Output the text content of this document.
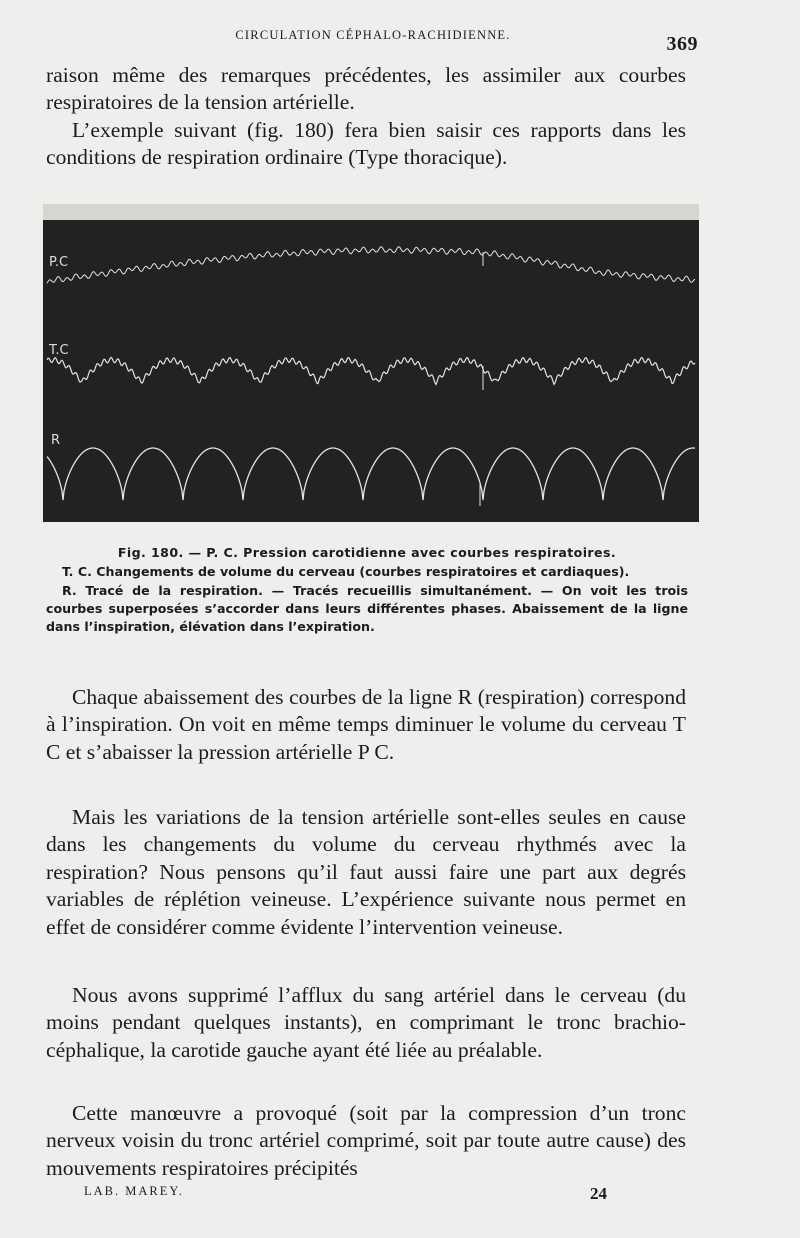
CIRCULATION CÉPHALO-RACHIDIENNE.	369

raison même des remarques précédentes, les assimiler aux courbes respiratoires de la tension artérielle.

L’exemple suivant (fig. 180) fera bien saisir ces rapports dans les conditions de respiration ordinaire (Type thoracique).

P.C
T.C
R

Fig. 180. — P. C. Pression carotidienne avec courbes respiratoires.

T. C. Changements de volume du cerveau (courbes respiratoires et cardiaques).

R. Tracé de la respiration. — Tracés recueillis simultanément. — On voit les trois courbes superposées s’accorder dans leurs différentes phases. Abaissement de la ligne dans l’inspiration, élévation dans l’expiration.

Chaque abaissement des courbes de la ligne R (respiration) correspond à l’inspiration. On voit en même temps diminuer le volume du cerveau T C et s’abaisser la pression artérielle P C.

Mais les variations de la tension artérielle sont-elles seules en cause dans les changements du volume du cerveau rhythmés avec la respiration? Nous pensons qu’il faut aussi faire une part aux degrés variables de réplétion veineuse. L’expérience suivante nous permet en effet de considérer comme évidente l’intervention veineuse.

Nous avons supprimé l’afflux du sang artériel dans le cerveau (du moins pendant quelques instants), en comprimant le tronc brachio-céphalique, la carotide gauche ayant été liée au préalable.

Cette manœuvre a provoqué (soit par la compression d’un tronc nerveux voisin du tronc artériel comprimé, soit par toute autre cause) des mouvements respiratoires précipités

LAB. MAREY.	24
